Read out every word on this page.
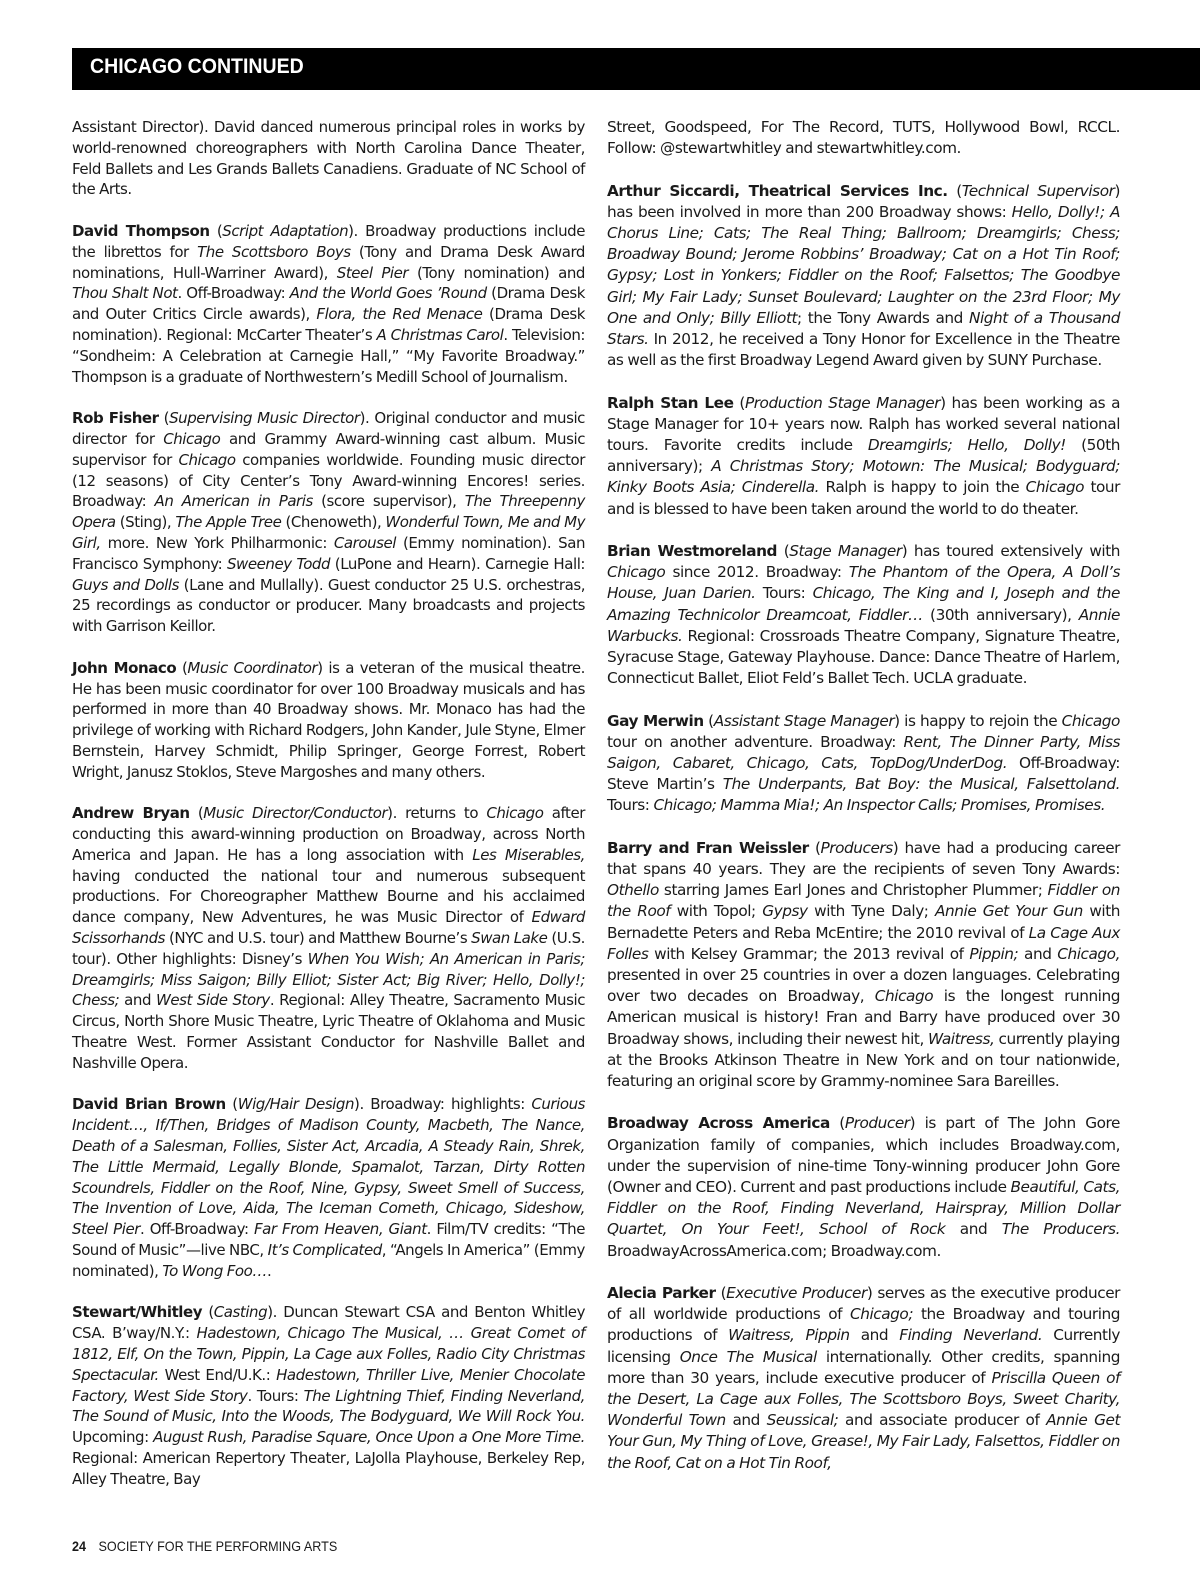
CHICAGO CONTINUED

Assistant Director). David danced numerous principal roles in works by world-renowned choreographers with North Carolina Dance Theater, Feld Ballets and Les Grands Ballets Canadiens. Graduate of NC School of the Arts.

David Thompson (Script Adaptation). Broadway productions include the librettos for The Scottsboro Boys (Tony and Drama Desk Award nominations, Hull-Warriner Award), Steel Pier (Tony nomination) and Thou Shalt Not. Off-Broadway: And the World Goes ’Round (Drama Desk and Outer Critics Circle awards), Flora, the Red Menace (Drama Desk nomination). Regional: McCarter Theater’s A Christmas Carol. Television: “Sondheim: A Celebration at Carnegie Hall,” “My Favorite Broadway.” Thompson is a graduate of Northwestern’s Medill School of Journalism.

Rob Fisher (Supervising Music Director). Original conductor and music director for Chicago and Grammy Award-winning cast album. Music supervisor for Chicago companies worldwide. Founding music director (12 seasons) of City Center’s Tony Award-winning Encores! series. Broadway: An American in Paris (score supervisor), The Threepenny Opera (Sting), The Apple Tree (Chenoweth), Wonderful Town, Me and My Girl, more. New York Philharmonic: Carousel (Emmy nomination). San Francisco Symphony: Sweeney Todd (LuPone and Hearn). Carnegie Hall: Guys and Dolls (Lane and Mullally). Guest conductor 25 U.S. orchestras, 25 recordings as conductor or producer. Many broadcasts and projects with Garrison Keillor.

John Monaco (Music Coordinator) is a veteran of the musical theatre. He has been music coordinator for over 100 Broadway musicals and has performed in more than 40 Broadway shows. Mr. Monaco has had the privilege of working with Richard Rodgers, John Kander, Jule Styne, Elmer Bernstein, Harvey Schmidt, Philip Springer, George Forrest, Robert Wright, Janusz Stoklos, Steve Margoshes and many others.

Andrew Bryan (Music Director/Conductor). returns to Chicago after conducting this award-winning production on Broadway, across North America and Japan. He has a long association with Les Miserables, having conducted the national tour and numerous subsequent productions. For Choreographer Matthew Bourne and his acclaimed dance company, New Adventures, he was Music Director of Edward Scissorhands (NYC and U.S. tour) and Matthew Bourne’s Swan Lake (U.S. tour). Other highlights: Disney’s When You Wish; An American in Paris; Dreamgirls; Miss Saigon; Billy Elliot; Sister Act; Big River; Hello, Dolly!; Chess; and West Side Story. Regional: Alley Theatre, Sacramento Music Circus, North Shore Music Theatre, Lyric Theatre of Oklahoma and Music Theatre West. Former Assistant Conductor for Nashville Ballet and Nashville Opera.

David Brian Brown (Wig/Hair Design). Broadway: highlights: Curious Incident…, If/Then, Bridges of Madison County, Macbeth, The Nance, Death of a Salesman, Follies, Sister Act, Arcadia, A Steady Rain, Shrek, The Little Mermaid, Legally Blonde, Spamalot, Tarzan, Dirty Rotten Scoundrels, Fiddler on the Roof, Nine, Gypsy, Sweet Smell of Success, The Invention of Love, Aida, The Iceman Cometh, Chicago, Sideshow, Steel Pier. Off-Broadway: Far From Heaven, Giant. Film/TV credits: “The Sound of Music”—live NBC, It’s Complicated, “Angels In America” (Emmy nominated), To Wong Foo….

Stewart/Whitley (Casting). Duncan Stewart CSA and Benton Whitley CSA. B’way/N.Y.: Hadestown, Chicago The Musical, … Great Comet of 1812, Elf, On the Town, Pippin, La Cage aux Folles, Radio City Christmas Spectacular. West End/U.K.: Hadestown, Thriller Live, Menier Chocolate Factory, West Side Story. Tours: The Lightning Thief, Finding Neverland, The Sound of Music, Into the Woods, The Bodyguard, We Will Rock You. Upcoming: August Rush, Paradise Square, Once Upon a One More Time. Regional: American Repertory Theater, LaJolla Playhouse, Berkeley Rep, Alley Theatre, Bay

Street, Goodspeed, For The Record, TUTS, Hollywood Bowl, RCCL. Follow: @stewartwhitley and stewartwhitley.com.

Arthur Siccardi, Theatrical Services Inc. (Technical Supervisor) has been involved in more than 200 Broadway shows: Hello, Dolly!; A Chorus Line; Cats; The Real Thing; Ballroom; Dreamgirls; Chess; Broadway Bound; Jerome Robbins’ Broadway; Cat on a Hot Tin Roof; Gypsy; Lost in Yonkers; Fiddler on the Roof; Falsettos; The Goodbye Girl; My Fair Lady; Sunset Boulevard; Laughter on the 23rd Floor; My One and Only; Billy Elliott; the Tony Awards and Night of a Thousand Stars. In 2012, he received a Tony Honor for Excellence in the Theatre as well as the first Broadway Legend Award given by SUNY Purchase.

Ralph Stan Lee (Production Stage Manager) has been working as a Stage Manager for 10+ years now. Ralph has worked several national tours. Favorite credits include Dreamgirls; Hello, Dolly! (50th anniversary); A Christmas Story; Motown: The Musical; Bodyguard; Kinky Boots Asia; Cinderella. Ralph is happy to join the Chicago tour and is blessed to have been taken around the world to do theater.

Brian Westmoreland (Stage Manager) has toured extensively with Chicago since 2012. Broadway: The Phantom of the Opera, A Doll’s House, Juan Darien. Tours: Chicago, The King and I, Joseph and the Amazing Technicolor Dreamcoat, Fiddler… (30th anniversary), Annie Warbucks. Regional: Crossroads Theatre Company, Signature Theatre, Syracuse Stage, Gateway Playhouse. Dance: Dance Theatre of Harlem, Connecticut Ballet, Eliot Feld’s Ballet Tech. UCLA graduate.

Gay Merwin (Assistant Stage Manager) is happy to rejoin the Chicago tour on another adventure. Broadway: Rent, The Dinner Party, Miss Saigon, Cabaret, Chicago, Cats, TopDog/UnderDog. Off-Broadway: Steve Martin’s The Underpants, Bat Boy: the Musical, Falsettoland. Tours: Chicago; Mamma Mia!; An Inspector Calls; Promises, Promises.

Barry and Fran Weissler (Producers) have had a producing career that spans 40 years. They are the recipients of seven Tony Awards: Othello starring James Earl Jones and Christopher Plummer; Fiddler on the Roof with Topol; Gypsy with Tyne Daly; Annie Get Your Gun with Bernadette Peters and Reba McEntire; the 2010 revival of La Cage Aux Folles with Kelsey Grammar; the 2013 revival of Pippin; and Chicago, presented in over 25 countries in over a dozen languages. Celebrating over two decades on Broadway, Chicago is the longest running American musical is history! Fran and Barry have produced over 30 Broadway shows, including their newest hit, Waitress, currently playing at the Brooks Atkinson Theatre in New York and on tour nationwide, featuring an original score by Grammy-nominee Sara Bareilles.

Broadway Across America (Producer) is part of The John Gore Organization family of companies, which includes Broadway.com, under the supervision of nine-time Tony-winning producer John Gore (Owner and CEO). Current and past productions include Beautiful, Cats, Fiddler on the Roof, Finding Neverland, Hairspray, Million Dollar Quartet, On Your Feet!, School of Rock and The Producers. BroadwayAcrossAmerica.com; Broadway.com.

Alecia Parker (Executive Producer) serves as the executive producer of all worldwide productions of Chicago; the Broadway and touring productions of Waitress, Pippin and Finding Neverland. Currently licensing Once The Musical internationally. Other credits, spanning more than 30 years, include executive producer of Priscilla Queen of the Desert, La Cage aux Folles, The Scottsboro Boys, Sweet Charity, Wonderful Town and Seussical; and associate producer of Annie Get Your Gun, My Thing of Love, Grease!, My Fair Lady, Falsettos, Fiddler on the Roof, Cat on a Hot Tin Roof,

24 SOCIETY FOR THE PERFORMING ARTS
